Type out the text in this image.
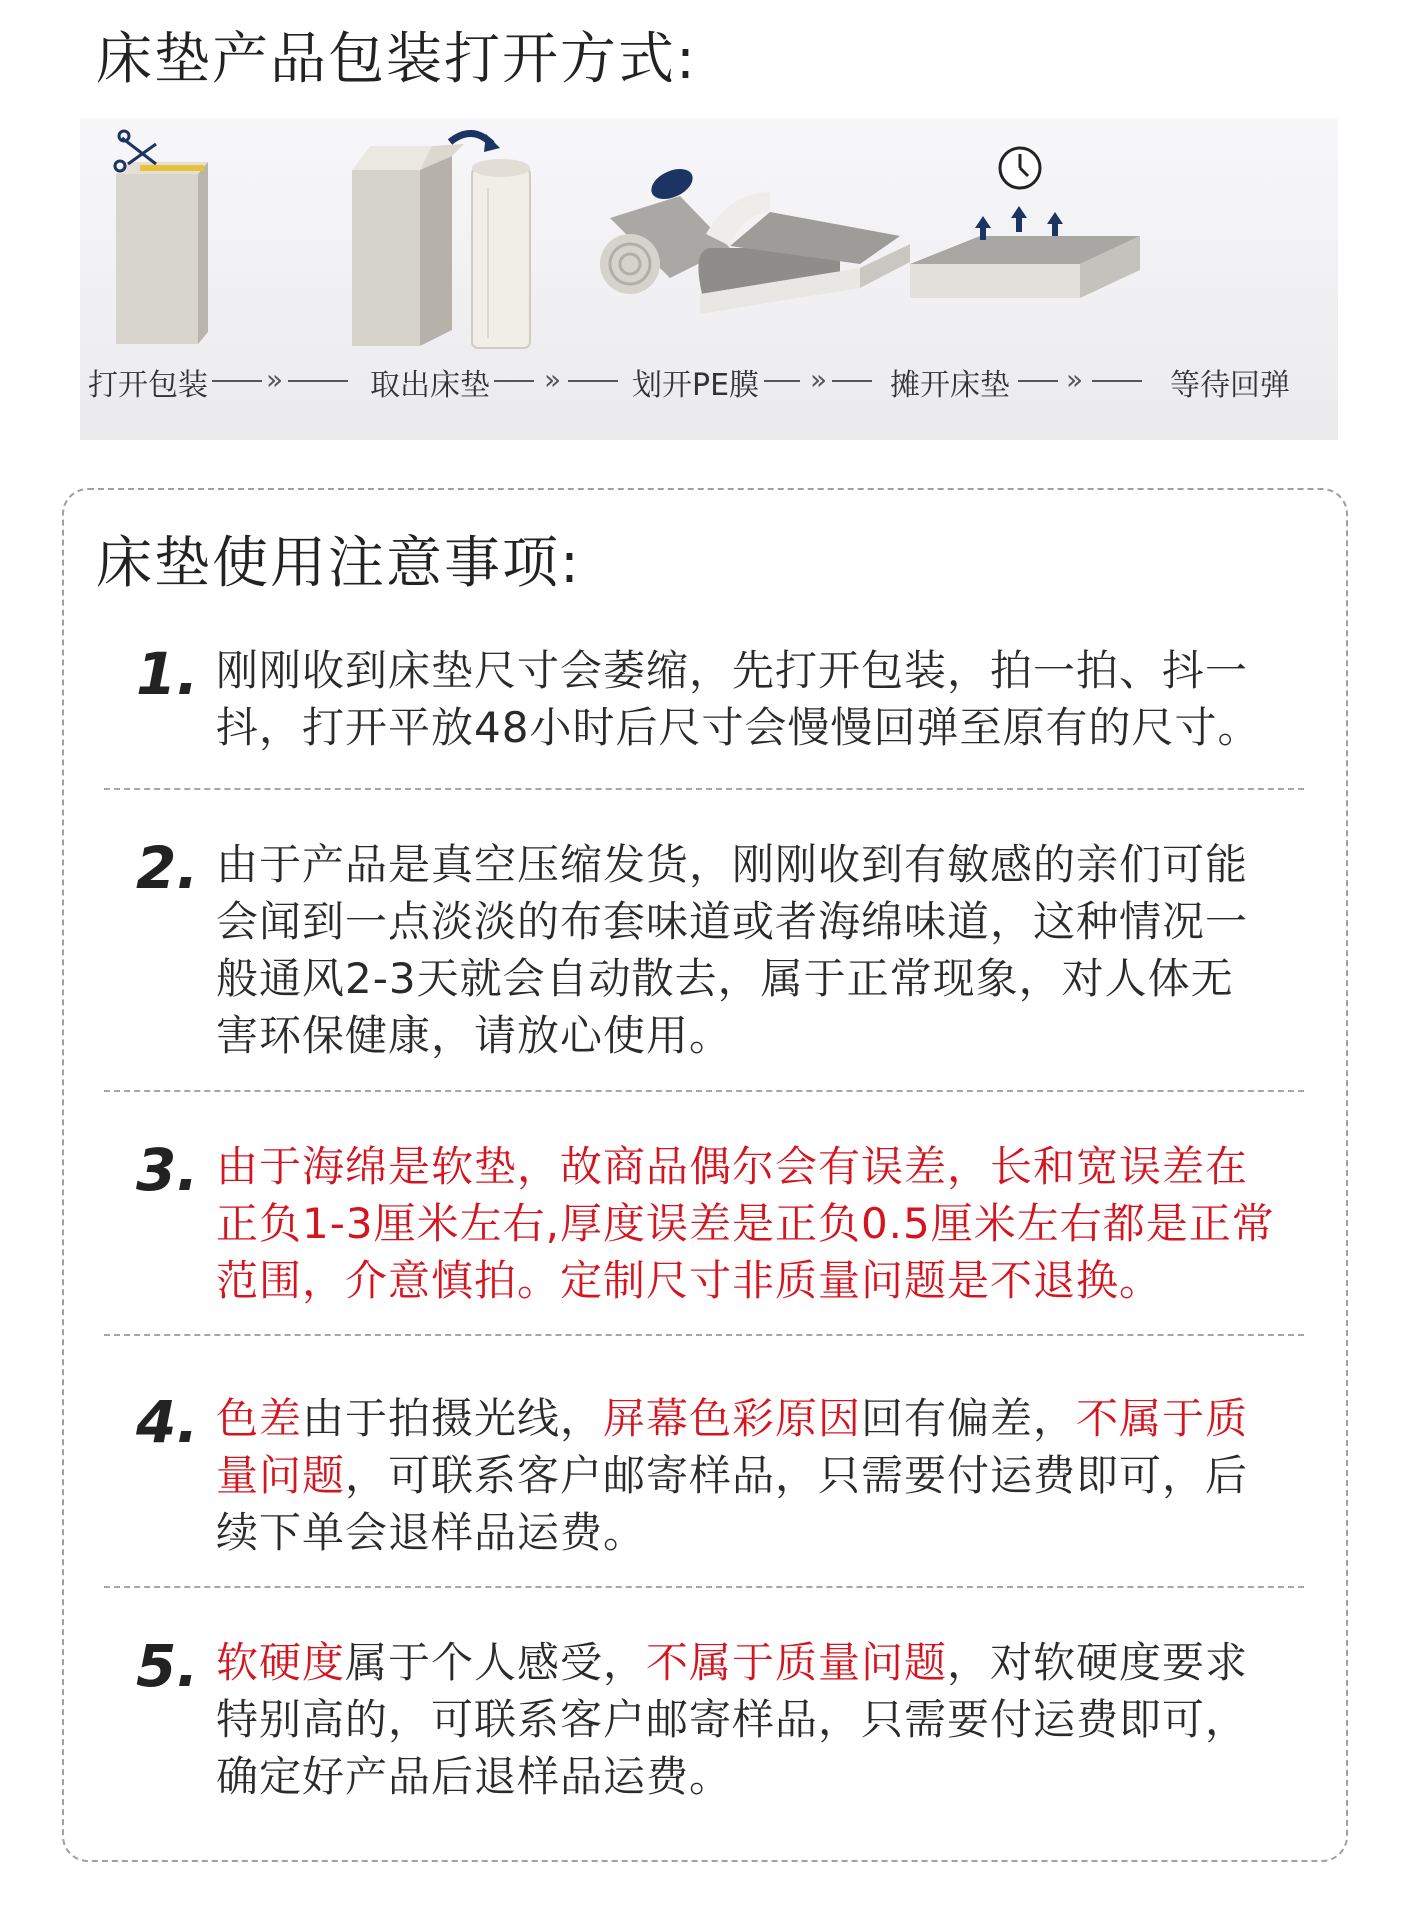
床垫产品包装打开方式:
打开包装 »	取出床垫 » 划开PE膜 » 摊开床垫 »	等待回弹
床垫使用注意事项:
1. 刚刚收到床垫尺寸会萎缩，先打开包装，拍一拍、抖一抖，打开平放48小时后尺寸会慢慢回弹至原有的尺寸。
2. 由于产品是真空压缩发货，刚刚收到有敏感的亲们可能会闻到一点淡淡的布套味道或者海绵味道，这种情况一般通风2-3天就会自动散去，属于正常现象，对人体无害环保健康，请放心使用。
3. 由于海绵是软垫，故商品偶尔会有误差，长和宽误差在正负1-3厘米左右,厚度误差是正负0.5厘米左右都是正常范围，介意慎拍。定制尺寸非质量问题是不退换。
4. 色差由于拍摄光线，屏幕色彩原因回有偏差，不属于质量问题，可联系客户邮寄样品，只需要付运费即可，后续下单会退样品运费。
5. 软硬度属于个人感受，不属于质量问题，对软硬度要求特别高的，可联系客户邮寄样品，只需要付运费即可，确定好产品后退样品运费。
